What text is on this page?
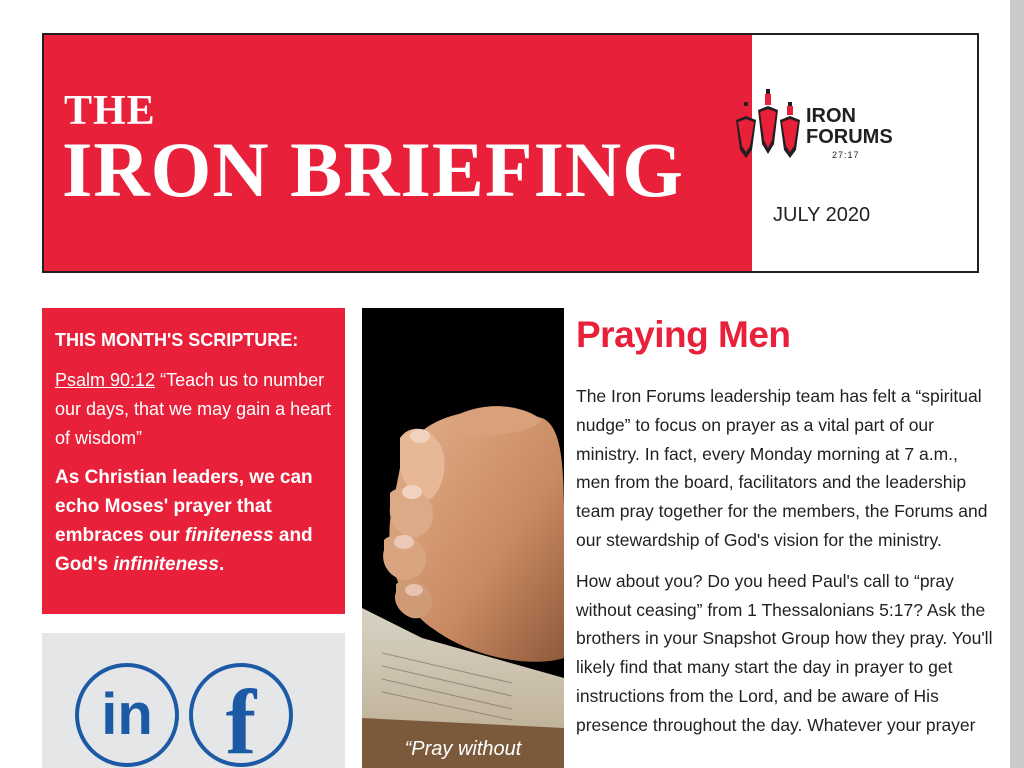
THE
IRON BRIEFING
IRON
FORUMS
27:17
JULY 2020
THIS MONTH'S SCRIPTURE:
Psalm 90:12 “Teach us to number our days, that we may gain a heart of wisdom”
As Christian leaders, we can echo Moses' prayer that embraces our finiteness and God's infiniteness.
in f	“Pray without
Praying Men

The Iron Forums leadership team has felt a “spiritual nudge” to focus on prayer as a vital part of our ministry. In fact, every Monday morning at 7 a.m., men from the board, facilitators and the leadership team pray together for the members, the Forums and our stewardship of God's vision for the ministry.

How about you? Do you heed Paul's call to “pray without ceasing” from 1 Thessalonians 5:17? Ask the brothers in your Snapshot Group how they pray. You'll likely find that many start the day in prayer to get instructions from the Lord, and be aware of His presence throughout the day. Whatever your prayer
